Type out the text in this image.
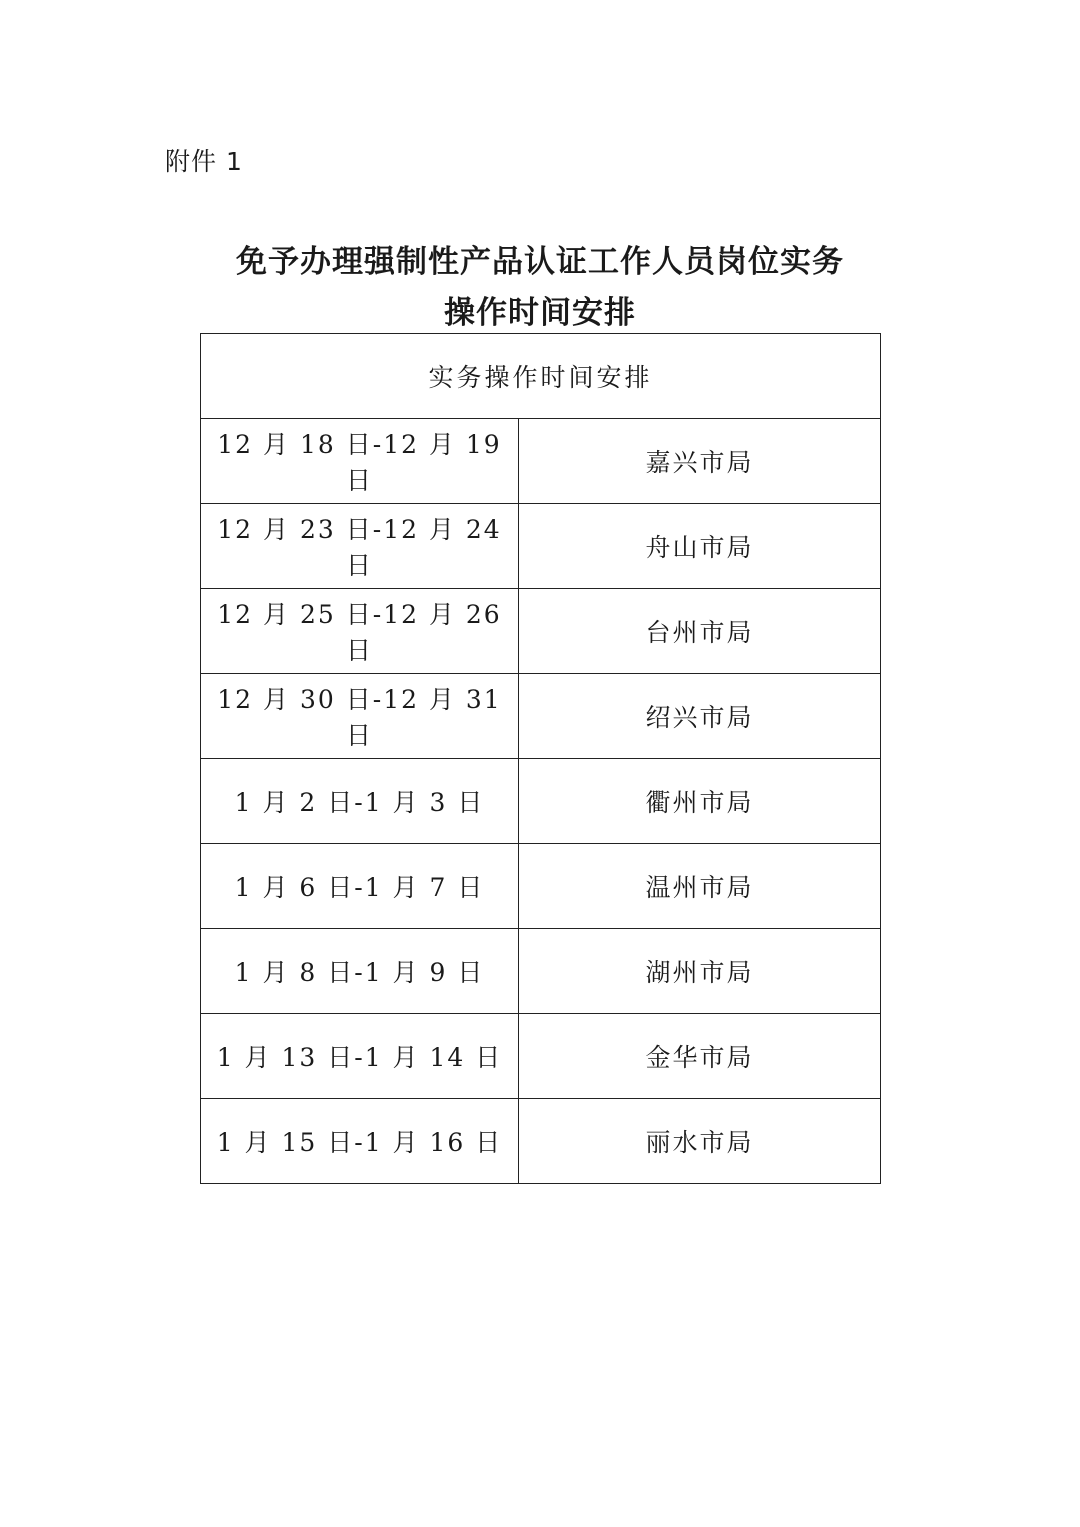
附件 1
免予办理强制性产品认证工作人员岗位实务
操作时间安排
实务操作时间安排	
12 月 18 日-12 月 19 日	嘉兴市局
12 月 23 日-12 月 24 日	舟山市局
12 月 25 日-12 月 26 日	台州市局
12 月 30 日-12 月 31 日	绍兴市局
1 月 2 日-1 月 3 日	衢州市局
1 月 6 日-1 月 7 日	温州市局
1 月 8 日-1 月 9 日	湖州市局
1 月 13 日-1 月 14 日	金华市局
1 月 15 日-1 月 16 日	丽水市局
